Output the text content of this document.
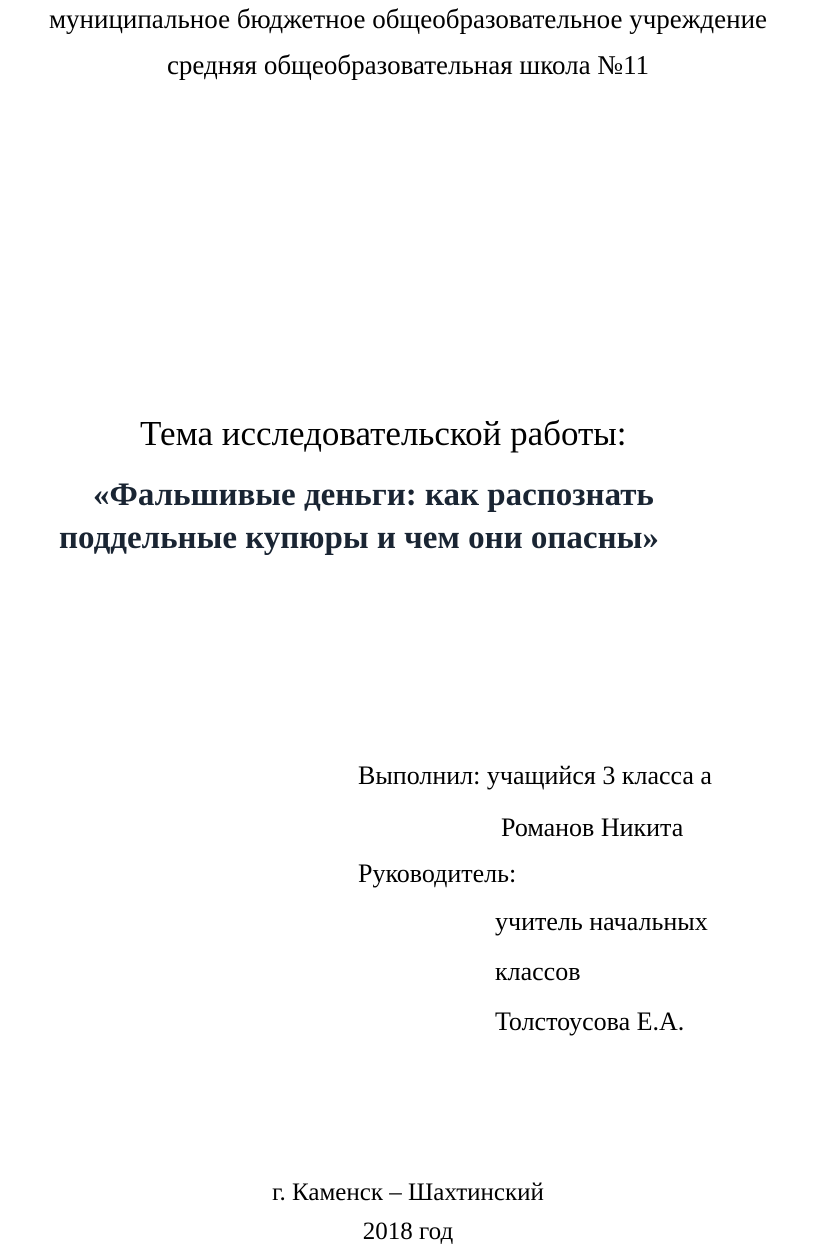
муниципальное бюджетное общеобразовательное учреждение
средняя общеобразовательная школа №11
Тема исследовательской работы:
«Фальшивые деньги: как распознать
поддельные купюры и чем они опасны»
Выполнил: учащийся 3 класса а
Романов Никита
Руководитель:
учитель начальных
классов
Толстоусова Е.А.
г. Каменск – Шахтинский
2018 год
